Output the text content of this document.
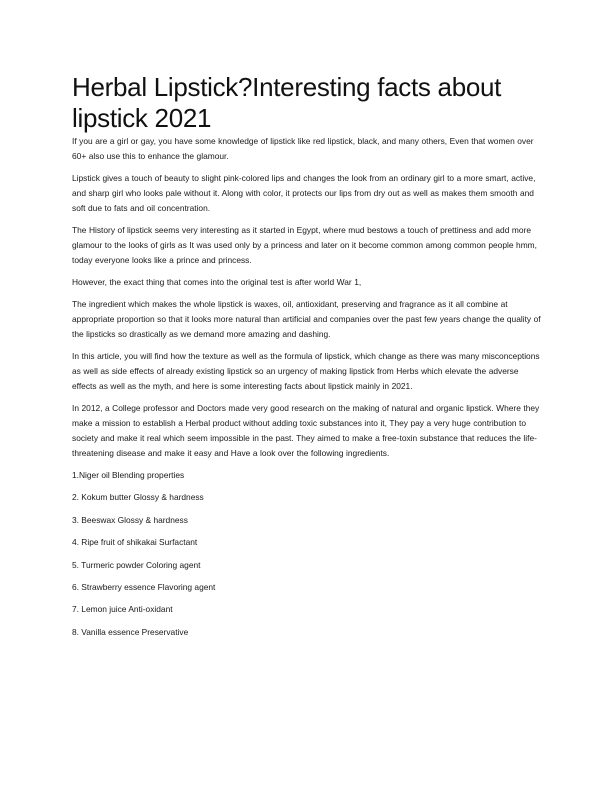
Herbal Lipstick?Interesting facts about lipstick 2021

If you are a girl or gay, you have some knowledge of lipstick like red lipstick, black, and many others, Even that women over 60+ also use this to enhance the glamour.

Lipstick gives a touch of beauty to slight pink-colored lips and changes the look from an ordinary girl to a more smart, active, and sharp girl who looks pale without it. Along with color, it protects our lips from dry out as well as makes them smooth and soft due to fats and oil concentration.

The History of lipstick seems very interesting as it started in Egypt, where mud bestows a touch of prettiness and add more glamour to the looks of girls as It was used only by a princess and later on it become common among common people hmm, today everyone looks like a prince and princess.

However, the exact thing that comes into the original test is after world War 1,

The ingredient which makes the whole lipstick is waxes, oil, antioxidant, preserving and fragrance as it all combine at appropriate proportion so that it looks more natural than artificial and companies over the past few years change the quality of the lipsticks so drastically as we demand more amazing and dashing.

In this article, you will find how the texture as well as the formula of lipstick, which change as there was many misconceptions as well as side effects of already existing lipstick so an urgency of making lipstick from Herbs which elevate the adverse effects as well as the myth, and here is some interesting facts about lipstick mainly in 2021.

In 2012, a College professor and Doctors made very good research on the making of natural and organic lipstick. Where they make a mission to establish a Herbal product without adding toxic substances into it, They pay a very huge contribution to society and make it real which seem impossible in the past. They aimed to make a free-toxin substance that reduces the life-threatening disease and make it easy and Have a look over the following ingredients.

1.Niger oil Blending properties

2. Kokum butter Glossy & hardness

3. Beeswax Glossy & hardness

4. Ripe fruit of shikakai Surfactant

5. Turmeric powder Coloring agent

6. Strawberry essence Flavoring agent

7. Lemon juice Anti-oxidant

8. Vanilla essence Preservative
